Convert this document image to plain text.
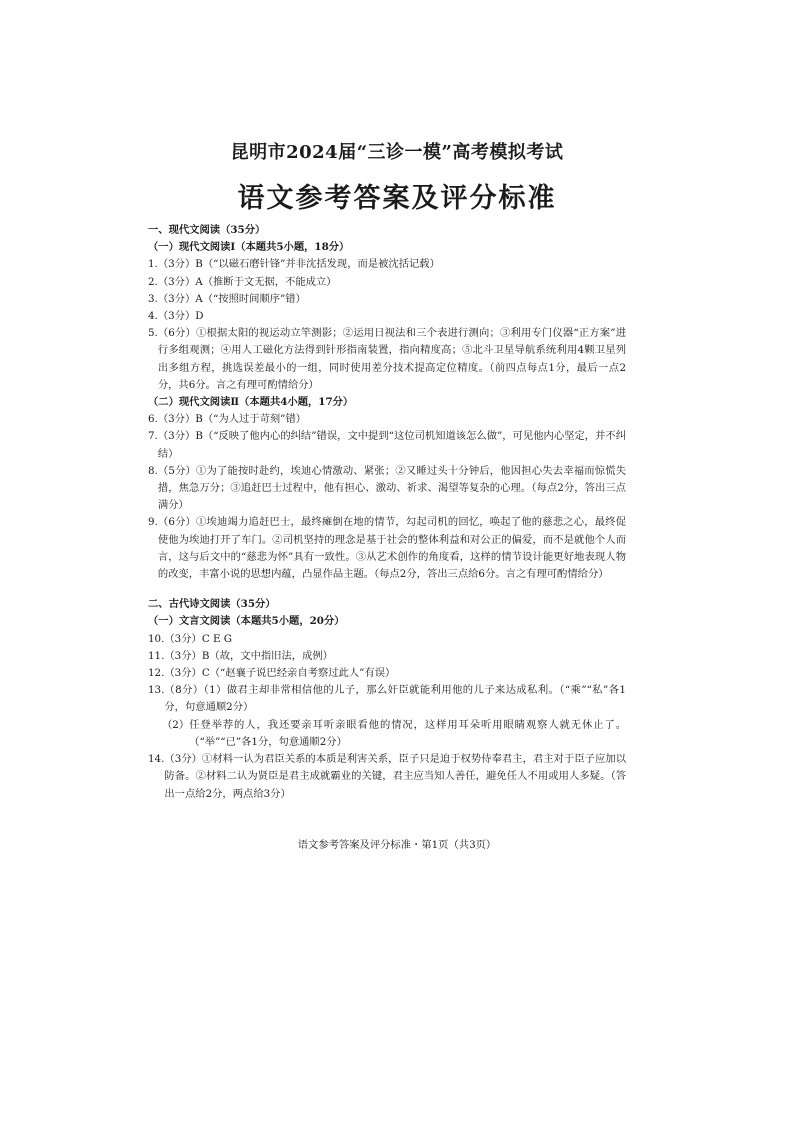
昆明市2024届“三诊一模”高考模拟考试
语文参考答案及评分标准
一、现代文阅读（35分）
（一）现代文阅读Ⅰ（本题共5小题，18分）
1. （3分）B（“以磁石磨针锋”并非沈括发现，而是被沈括记载）
2. （3分）A（推断于文无据，不能成立）
3. （3分）A（“按照时间顺序”错）
4. （3分）D
5. （6分）①根据太阳的视运动立竿测影；②运用日视法和三个表进行测向；③利用专门仪器“正方案”进行多组观测；④用人工磁化方法得到针形指南装置，指向精度高；⑤北斗卫星导航系统利用4颗卫星列出多组方程，挑选误差最小的一组，同时使用差分技术提高定位精度。（前四点每点1分，最后一点2分，共6分。言之有理可酌情给分）
（二）现代文阅读Ⅱ（本题共4小题，17分）
6. （3分）B（“为人过于苛刻”错）
7. （3分）B（“反映了他内心的纠结”错误，文中提到“这位司机知道该怎么做”，可见他内心坚定，并不纠结）
8. （5分）①为了能按时赴约，埃迪心情激动、紧张；②又睡过头十分钟后，他因担心失去幸福而惊慌失措，焦急万分；③追赶巴士过程中，他有担心、激动、祈求、渴望等复杂的心理。（每点2分，答出三点满分）
9. （6分）①埃迪竭力追赶巴士，最终瘫倒在地的情节，勾起司机的回忆，唤起了他的慈悲之心，最终促使他为埃迪打开了车门。②司机坚持的理念是基于社会的整体利益和对公正的偏爱，而不是就他个人而言，这与后文中的“慈悲为怀”具有一致性。③从艺术创作的角度看，这样的情节设计能更好地表现人物的改变，丰富小说的思想内蕴，凸显作品主题。（每点2分，答出三点给6分。言之有理可酌情给分）
二、古代诗文阅读（35分）
（一）文言文阅读（本题共5小题，20分）
10. （3分）C E G
11. （3分）B（故，文中指旧法，成例）
12. （3分）C（“赵襄子说巴经亲自考察过此人”有误）
13. （8分）（1）做君主却非常相信他的儿子，那么奸臣就能利用他的儿子来达成私利。（“乘”“私”各1分，句意通顺2分）
（2） 任登举荐的人，我还要亲耳听亲眼看他的情况，这样用耳朵听用眼睛观察人就无休止了。（“举”“已”各1分，句意通顺2分）
14. （3分）①材料一认为君臣关系的本质是利害关系，臣子只是迫于权势侍奉君主，君主对于臣子应加以防备。②材料二认为贤臣是君主成就霸业的关键，君主应当知人善任，避免任人不用或用人多疑。（答出一点给2分，两点给3分）
语文参考答案及评分标准・第1页（共3页）
